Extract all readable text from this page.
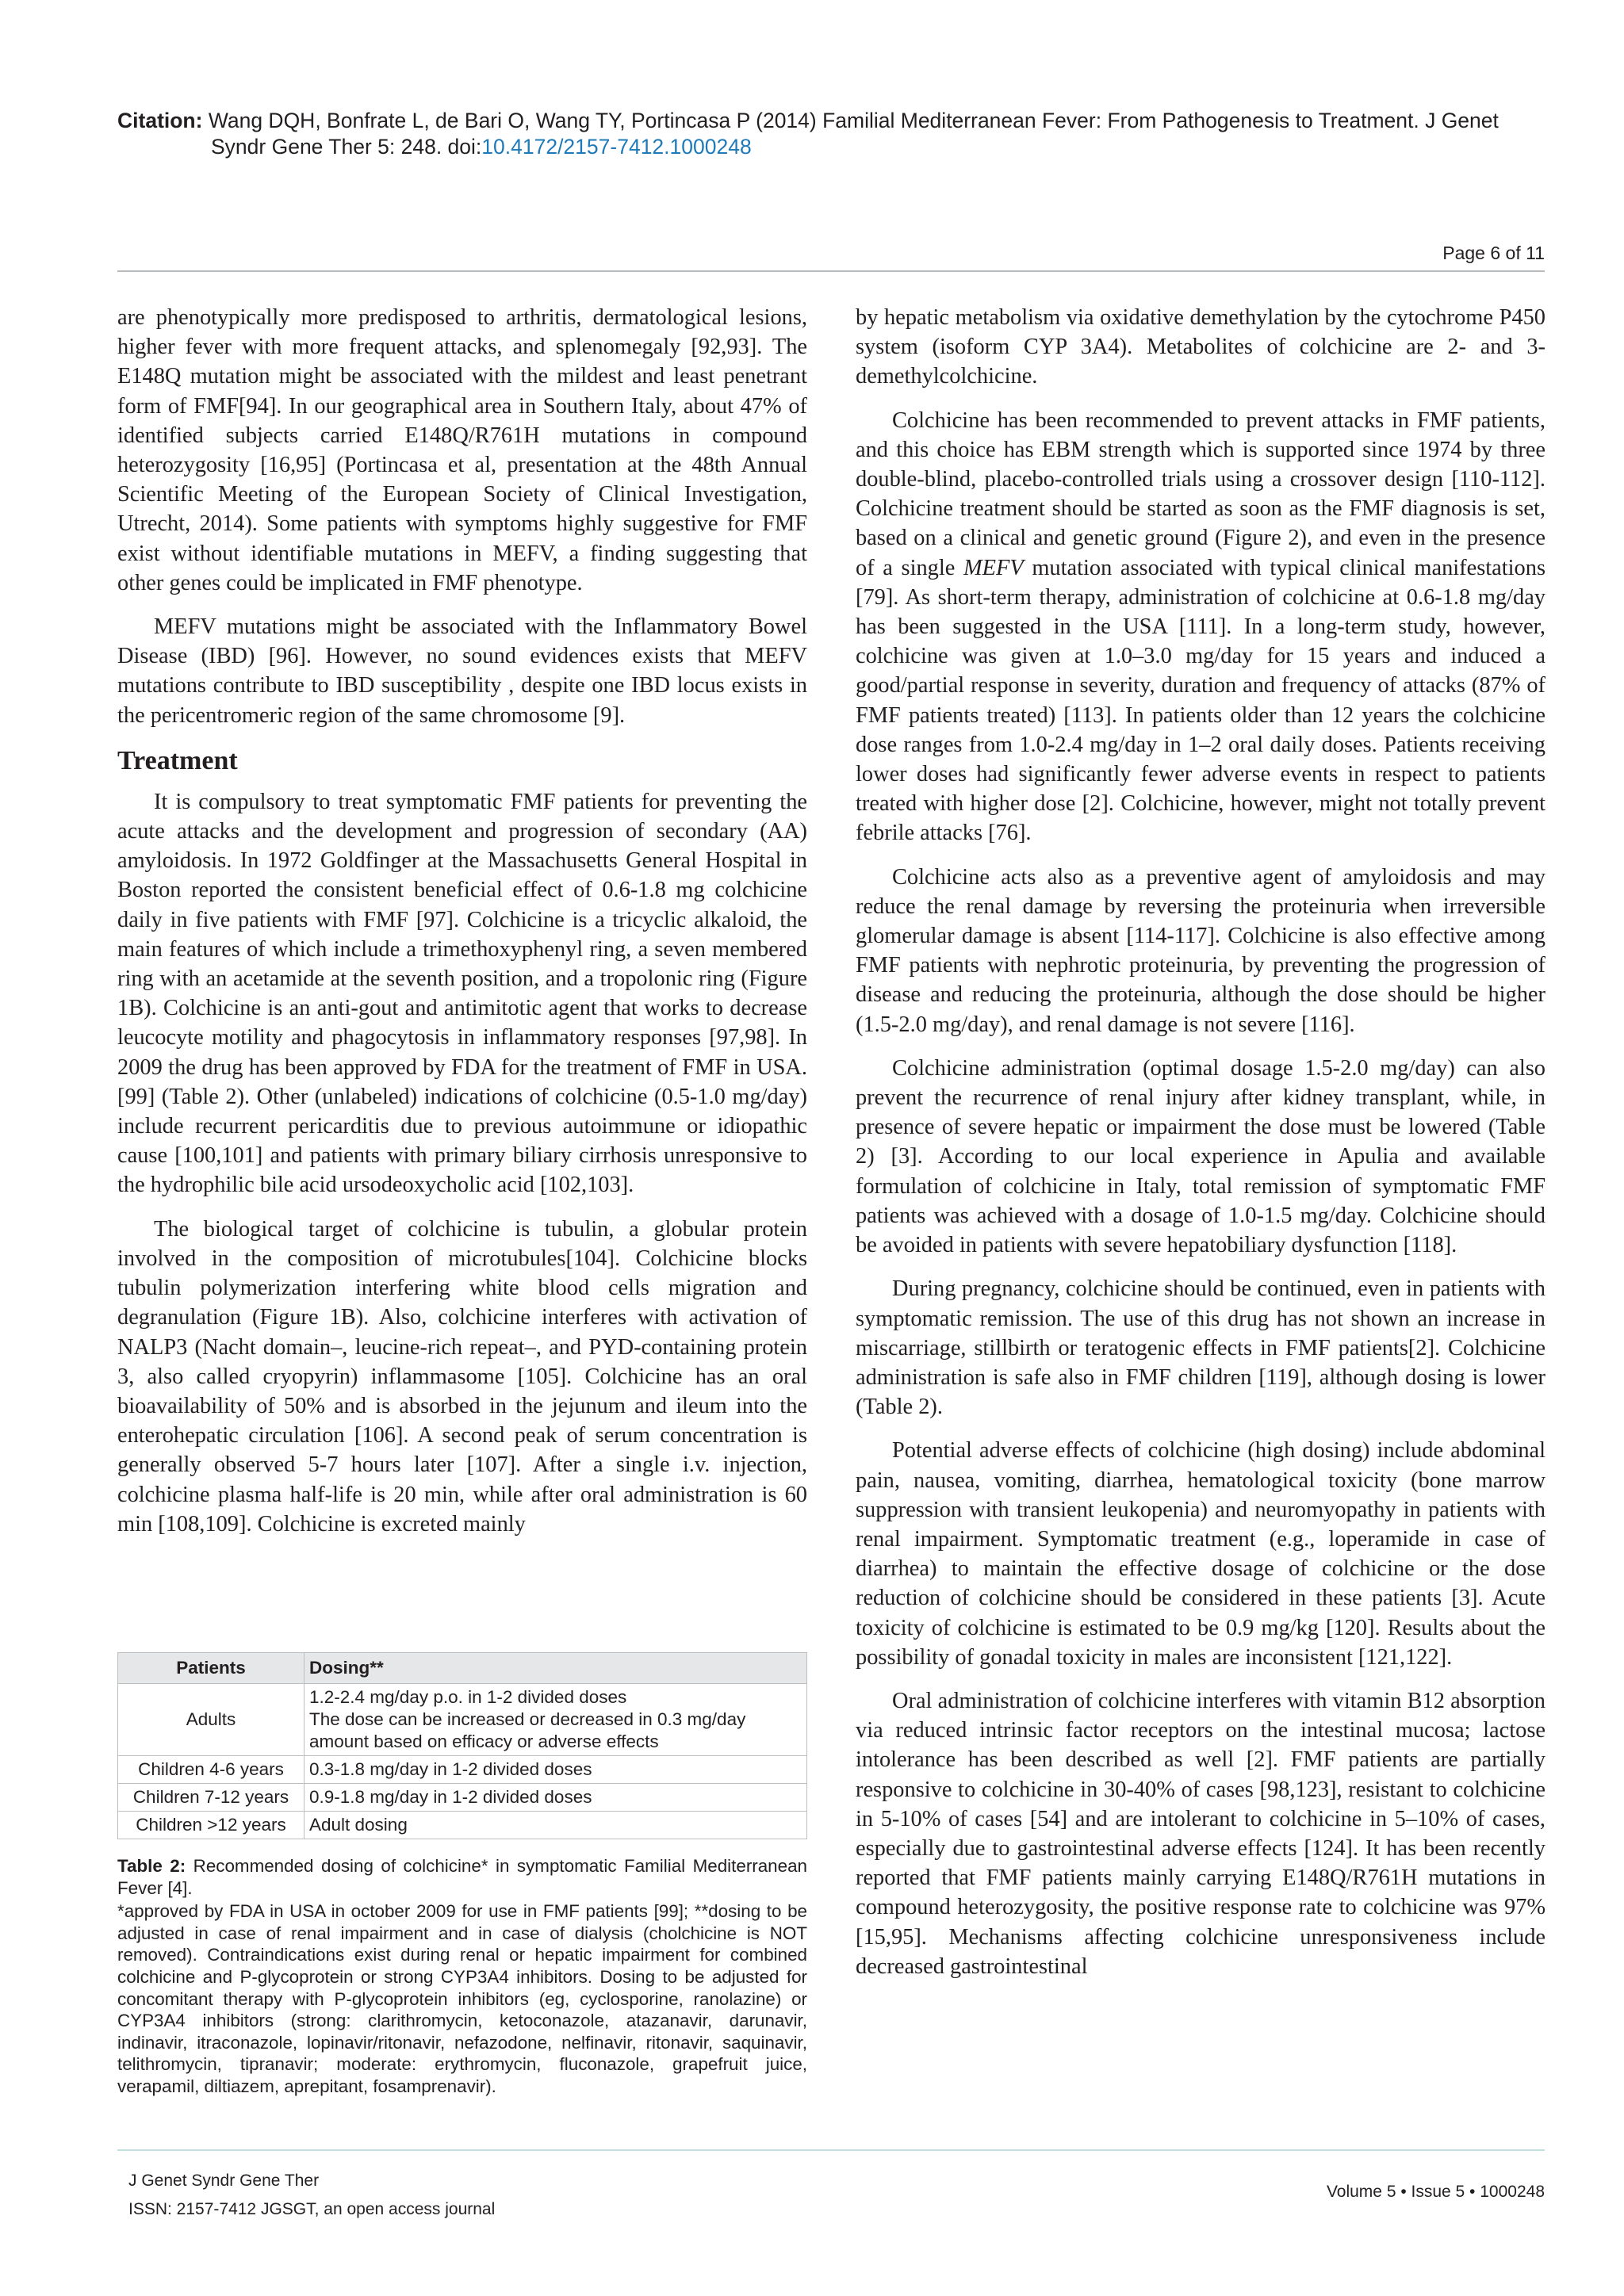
Citation: Wang DQH, Bonfrate L, de Bari O, Wang TY, Portincasa P (2014) Familial Mediterranean Fever: From Pathogenesis to Treatment. J Genet
Syndr Gene Ther 5: 248. doi:10.4172/2157-7412.1000248
Page 6 of 11

are phenotypically more predisposed to arthritis, dermatological lesions, higher fever with more frequent attacks, and splenomegaly [92,93]. The E148Q mutation might be associated with the mildest and least penetrant form of FMF[94]. In our geographical area in Southern Italy, about 47% of identified subjects carried E148Q/R761H mutations in compound heterozygosity [16,95] (Portincasa et al, presentation at the 48th Annual Scientific Meeting of the European Society of Clinical Investigation, Utrecht, 2014). Some patients with symptoms highly suggestive for FMF exist without identifiable mutations in MEFV, a finding suggesting that other genes could be implicated in FMF phenotype.

MEFV mutations might be associated with the Inflammatory Bowel Disease (IBD) [96]. However, no sound evidences exists that MEFV mutations contribute to IBD susceptibility , despite one IBD locus exists in the pericentromeric region of the same chromosome [9].

Treatment

It is compulsory to treat symptomatic FMF patients for preventing the acute attacks and the development and progression of secondary (AA) amyloidosis. In 1972 Goldfinger at the Massachusetts General Hospital in Boston reported the consistent beneficial effect of 0.6-1.8 mg colchicine daily in five patients with FMF [97]. Colchicine is a tricyclic alkaloid, the main features of which include a trimethoxyphenyl ring, a seven membered ring with an acetamide at the seventh position, and a tropolonic ring (Figure 1B). Colchicine is an anti-gout and antimitotic agent that works to decrease leucocyte motility and phagocytosis in inflammatory responses [97,98]. In 2009 the drug has been approved by FDA for the treatment of FMF in USA. [99] (Table 2). Other (unlabeled) indications of colchicine (0.5-1.0 mg/day) include recurrent pericarditis due to previous autoimmune or idiopathic cause [100,101] and patients with primary biliary cirrhosis unresponsive to the hydrophilic bile acid ursodeoxycholic acid [102,103].

The biological target of colchicine is tubulin, a globular protein involved in the composition of microtubules[104]. Colchicine blocks tubulin polymerization interfering white blood cells migration and degranulation (Figure 1B). Also, colchicine interferes with activation of NALP3 (Nacht domain–, leucine-rich repeat–, and PYD-containing protein 3, also called cryopyrin) inflammasome [105]. Colchicine has an oral bioavailability of 50% and is absorbed in the jejunum and ileum into the enterohepatic circulation [106]. A second peak of serum concentration is generally observed 5-7 hours later [107]. After a single i.v. injection, colchicine plasma half-life is 20 min, while after oral administration is 60 min [108,109]. Colchicine is excreted mainly

Patients	Dosing**
Adults	1.2-2.4 mg/day p.o. in 1-2 divided doses
The dose can be increased or decreased in 0.3 mg/day
amount based on efficacy or adverse effects

Children 4-6 years	0.3-1.8 mg/day in 1-2 divided doses
Children 7-12 years	0.9-1.8 mg/day in 1-2 divided doses
Children >12 years	Adult dosing

Table 2: Recommended dosing of colchicine* in symptomatic Familial Mediterranean Fever [4].

*approved by FDA in USA in october 2009 for use in FMF patients [99]; **dosing to be adjusted in case of renal impairment and in case of dialysis (cholchicine is NOT removed). Contraindications exist during renal or hepatic impairment for combined colchicine and P-glycoprotein or strong CYP3A4 inhibitors. Dosing to be adjusted for concomitant therapy with P-glycoprotein inhibitors (eg, cyclosporine, ranolazine) or CYP3A4 inhibitors (strong: clarithromycin, ketoconazole, atazanavir, darunavir, indinavir, itraconazole, lopinavir/ritonavir, nefazodone, nelfinavir, ritonavir, saquinavir, telithromycin, tipranavir; moderate: erythromycin, fluconazole, grapefruit juice, verapamil, diltiazem, aprepitant, fosamprenavir).

by hepatic metabolism via oxidative demethylation by the cytochrome P450 system (isoform CYP 3A4). Metabolites of colchicine are 2- and 3-demethylcolchicine.

Colchicine has been recommended to prevent attacks in FMF patients, and this choice has EBM strength which is supported since 1974 by three double-blind, placebo-controlled trials using a crossover design [110-112]. Colchicine treatment should be started as soon as the FMF diagnosis is set, based on a clinical and genetic ground (Figure 2), and even in the presence of a single MEFV mutation associated with typical clinical manifestations [79]. As short-term therapy, administration of colchicine at 0.6-1.8 mg/day has been suggested in the USA [111]. In a long-term study, however, colchicine was given at 1.0–3.0 mg/day for 15 years and induced a good/partial response in severity, duration and frequency of attacks (87% of FMF patients treated) [113]. In patients older than 12 years the colchicine dose ranges from 1.0-2.4 mg/day in 1–2 oral daily doses. Patients receiving lower doses had significantly fewer adverse events in respect to patients treated with higher dose [2]. Colchicine, however, might not totally prevent febrile attacks [76].

Colchicine acts also as a preventive agent of amyloidosis and may reduce the renal damage by reversing the proteinuria when irreversible glomerular damage is absent [114-117]. Colchicine is also effective among FMF patients with nephrotic proteinuria, by preventing the progression of disease and reducing the proteinuria, although the dose should be higher (1.5-2.0 mg/day), and renal damage is not severe [116].

Colchicine administration (optimal dosage 1.5-2.0 mg/day) can also prevent the recurrence of renal injury after kidney transplant, while, in presence of severe hepatic or impairment the dose must be lowered (Table 2) [3]. According to our local experience in Apulia and available formulation of colchicine in Italy, total remission of symptomatic FMF patients was achieved with a dosage of 1.0-1.5 mg/day. Colchicine should be avoided in patients with severe hepatobiliary dysfunction [118].

During pregnancy, colchicine should be continued, even in patients with symptomatic remission. The use of this drug has not shown an increase in miscarriage, stillbirth or teratogenic effects in FMF patients[2]. Colchicine administration is safe also in FMF children [119], although dosing is lower (Table 2).

Potential adverse effects of colchicine (high dosing) include abdominal pain, nausea, vomiting, diarrhea, hematological toxicity (bone marrow suppression with transient leukopenia) and neuromyopathy in patients with renal impairment. Symptomatic treatment (e.g., loperamide in case of diarrhea) to maintain the effective dosage of colchicine or the dose reduction of colchicine should be considered in these patients [3]. Acute toxicity of colchicine is estimated to be 0.9 mg/kg [120]. Results about the possibility of gonadal toxicity in males are inconsistent [121,122].

Oral administration of colchicine interferes with vitamin B12 absorption via reduced intrinsic factor receptors on the intestinal mucosa; lactose intolerance has been described as well [2]. FMF patients are partially responsive to colchicine in 30-40% of cases [98,123], resistant to colchicine in 5-10% of cases [54] and are intolerant to colchicine in 5–10% of cases, especially due to gastrointestinal adverse effects [124]. It has been recently reported that FMF patients mainly carrying E148Q/R761H mutations in compound heterozygosity, the positive response rate to colchicine was 97% [15,95]. Mechanisms affecting colchicine unresponsiveness include decreased gastrointestinal

J Genet Syndr Gene Ther
ISSN: 2157-7412 JGSGT, an open access journal
Volume 5 • Issue 5 • 1000248
